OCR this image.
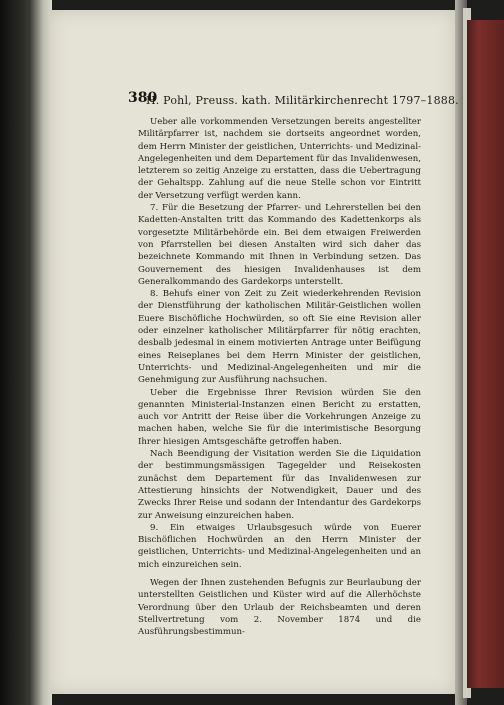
380
H. Pohl, Preuss. kath. Militärkirchenrecht 1797–1888.

Ueber alle vorkommenden Versetzungen bereits angestellter Militärpfarrer ist, nachdem sie dortseits angeordnet worden, dem Herrn Minister der geistlichen, Unterrichts- und Medizinal-Angelegenheiten und dem Departement für das Invalidenwesen, letzterem so zeitig Anzeige zu erstatten, dass die Uebertragung der Gehaltspp. Zahlung auf die neue Stelle schon vor Eintritt der Versetzung verfügt werden kann.

7. Für die Besetzung der Pfarrer- und Lehrerstellen bei den Kadetten-Anstalten tritt das Kommando des Kadettenkorps als vorgesetzte Militärbehörde ein. Bei dem etwaigen Freiwerden von Pfarrstellen bei diesen Anstalten wird sich daher das bezeichnete Kommando mit Ihnen in Verbindung setzen. Das Gouvernement des hiesigen Invalidenhauses ist dem Generalkommando des Gardekorps unterstellt.

8. Behufs einer von Zeit zu Zeit wiederkehrenden Revision der Dienstführung der katholischen Militär-Geistlichen wollen Euere Bischöfliche Hochwürden, so oft Sie eine Revision aller oder einzelner katholischer Militärpfarrer für nötig erachten, desbalb jedesmal in einem motivierten Antrage unter Beifügung eines Reiseplanes bei dem Herrn Minister der geistlichen, Unterrichts- und Medizinal-Angelegenheiten und mir die Genehmigung zur Ausführung nachsuchen.

Ueber die Ergebnisse Ihrer Revision würden Sie den genannten Ministerial-Instanzen einen Bericht zu erstatten, auch vor Antritt der Reise über die Vorkehrungen Anzeige zu machen haben, welche Sie für die interimistische Besorgung Ihrer hiesigen Amtsgeschäfte getroffen haben.

Nach Beendigung der Visitation werden Sie die Liquidation der bestimmungsmässigen Tagegelder und Reisekosten zunächst dem Departement für das Invalidenwesen zur Attestierung hinsichts der Notwendigkeit, Dauer und des Zwecks Ihrer Reise und sodann der Intendantur des Gardekorps zur Anweisung einzureichen haben.

9. Ein etwaiges Urlaubsgesuch würde von Euerer Bischöflichen Hochwürden an den Herrn Minister der geistlichen, Unterrichts- und Medizinal-Angelegenheiten und an mich einzureichen sein.

Wegen der Ihnen zustehenden Befugnis zur Beurlaubung der unterstellten Geistlichen und Küster wird auf die Allerhöchste Verordnung über den Urlaub der Reichsbeamten und deren Stellvertretung vom 2. November 1874 und die Ausführungsbestimmun-
